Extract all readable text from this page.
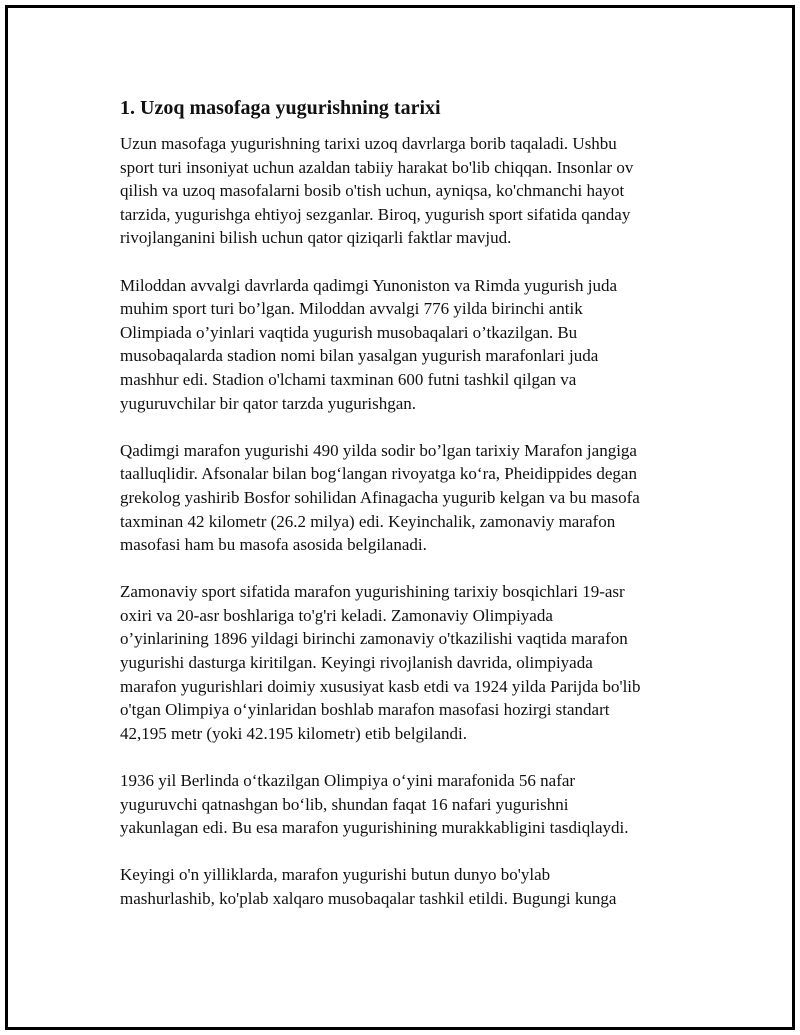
1. Uzoq masofaga yugurishning tarixi

Uzun masofaga yugurishning tarixi uzoq davrlarga borib taqaladi. Ushbu
sport turi insoniyat uchun azaldan tabiiy harakat bo'lib chiqqan. Insonlar ov
qilish va uzoq masofalarni bosib o'tish uchun, ayniqsa, ko'chmanchi hayot
tarzida, yugurishga ehtiyoj sezganlar. Biroq, yugurish sport sifatida qanday
rivojlanganini bilish uchun qator qiziqarli faktlar mavjud.

Miloddan avvalgi davrlarda qadimgi Yunoniston va Rimda yugurish juda
muhim sport turi bo’lgan. Miloddan avvalgi 776 yilda birinchi antik
Olimpiada o’yinlari vaqtida yugurish musobaqalari o’tkazilgan. Bu
musobaqalarda stadion nomi bilan yasalgan yugurish marafonlari juda
mashhur edi. Stadion o'lchami taxminan 600 futni tashkil qilgan va
yuguruvchilar bir qator tarzda yugurishgan.

Qadimgi marafon yugurishi 490 yilda sodir bo’lgan tarixiy Marafon jangiga
taalluqlidir. Afsonalar bilan bog‘langan rivoyatga ko‘ra, Pheidippides degan
grekolog yashirib Bosfor sohilidan Afinagacha yugurib kelgan va bu masofa
taxminan 42 kilometr (26.2 milya) edi. Keyinchalik, zamonaviy marafon
masofasi ham bu masofa asosida belgilanadi.

Zamonaviy sport sifatida marafon yugurishining tarixiy bosqichlari 19-asr
oxiri va 20-asr boshlariga to'g'ri keladi. Zamonaviy Olimpiyada
o’yinlarining 1896 yildagi birinchi zamonaviy o'tkazilishi vaqtida marafon
yugurishi dasturga kiritilgan. Keyingi rivojlanish davrida, olimpiyada
marafon yugurishlari doimiy xususiyat kasb etdi va 1924 yilda Parijda bo'lib
o'tgan Olimpiya o‘yinlaridan boshlab marafon masofasi hozirgi standart
42,195 metr (yoki 42.195 kilometr) etib belgilandi.

1936 yil Berlinda o‘tkazilgan Olimpiya o‘yini marafonida 56 nafar
yuguruvchi qatnashgan bo‘lib, shundan faqat 16 nafari yugurishni
yakunlagan edi. Bu esa marafon yugurishining murakkabligini tasdiqlaydi.

Keyingi o'n yilliklarda, marafon yugurishi butun dunyo bo'ylab
mashurlashib, ko'plab xalqaro musobaqalar tashkil etildi. Bugungi kunga
